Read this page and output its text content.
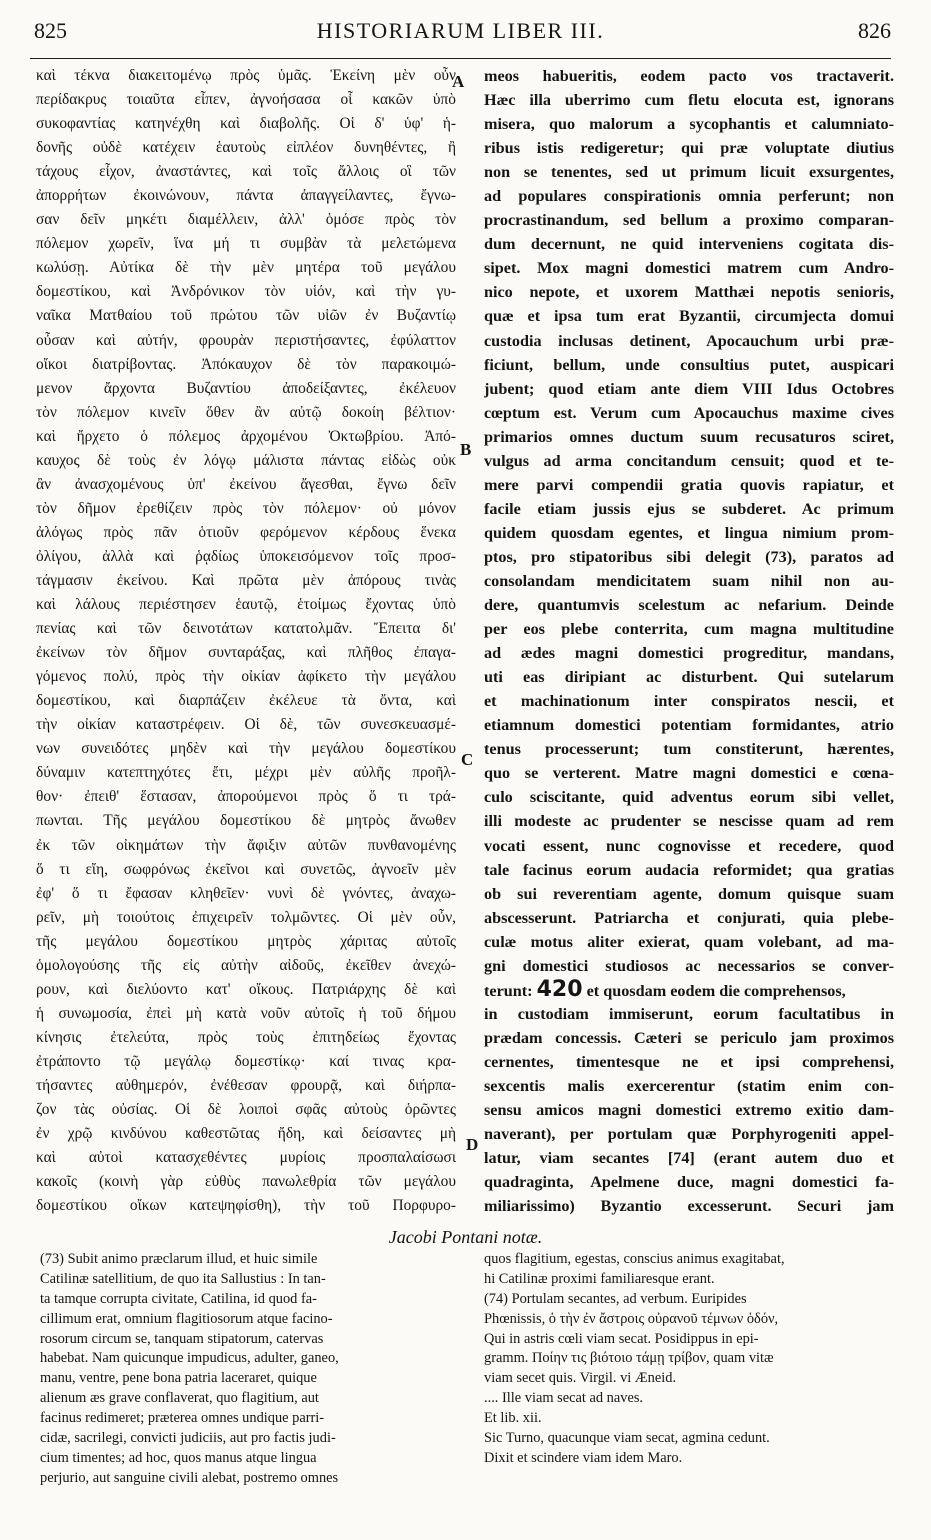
825	HISTORIARUM LIBER III.	826
A
B
C
D
καὶ τέκνα διακειτομένῳ πρὸς ὑμᾶς. Ἐκείνη μὲν οὖν
περίδακρυς τοιαῦτα εἶπεν, ἀγνοήσασα οἷ κακῶν ὑπὸ
συκοφαντίας κατηνέχθη καὶ διαβολῆς. Οἱ δ' ὑφ' ἡ-
δονῆς οὐδὲ κατέχειν ἑαυτοὺς εἰπλέον δυνηθέντες, ἢ
τάχους εἶχον, ἀναστάντες, καὶ τοῖς ἄλλοις οἳ τῶν
ἀπορρήτων ἐκοινώνουν, πάντα ἀπαγγείλαντες, ἔγνω-
σαν δεῖν μηκέτι διαμέλλειν, ἀλλ' ὁμόσε πρὸς τὸν
πόλεμον χωρεῖν, ἵνα μή τι συμβὰν τὰ μελετώμενα
κωλύσῃ. Αὐτίκα δὲ τὴν μὲν μητέρα τοῦ μεγάλου
δομεστίκου, καὶ Ἀνδρόνικον τὸν υἱόν, καὶ τὴν γυ-
ναῖκα Ματθαίου τοῦ πρώτου τῶν υἱῶν ἐν Βυζαντίῳ
οὖσαν καὶ αὐτήν, φρουρὰν περιστήσαντες, ἐφύλαττον
οἴκοι διατρίβοντας. Ἀπόκαυχον δὲ τὸν παρακοιμώ-
μενον ἄρχοντα Βυζαντίου ἀποδείξαντες, ἐκέλευον
τὸν πόλεμον κινεῖν ὅθεν ἂν αὐτῷ δοκοίη βέλτιον·
καὶ ἤρχετο ὁ πόλεμος ἀρχομένου Ὀκτωβρίου. Ἀπό-
καυχος δὲ τοὺς ἐν λόγῳ μάλιστα πάντας εἰδὼς οὐκ
ἂν ἀνασχομένους ὑπ' ἐκείνου ἄγεσθαι, ἔγνω δεῖν
τὸν δῆμον ἐρεθίζειν πρὸς τὸν πόλεμον· οὐ μόνον
ἀλόγως πρὸς πᾶν ὁτιοῦν φερόμενον κέρδους ἕνεκα
ὀλίγου, ἀλλὰ καὶ ῥᾳδίως ὑποκεισόμενον τοῖς προσ-
τάγμασιν ἐκείνου. Καὶ πρῶτα μὲν ἀπόρους τινὰς
καὶ λάλους περιέστησεν ἑαυτῷ, ἑτοίμως ἔχοντας ὑπὸ
πενίας καὶ τῶν δεινοτάτων κατατολμᾶν. Ἔπειτα δι'
ἐκείνων τὸν δῆμον συνταράξας, καὶ πλῆθος ἐπαγα-
γόμενος πολύ, πρὸς τὴν οἰκίαν ἀφίκετο τὴν μεγάλου
δομεστίκου, καὶ διαρπάζειν ἐκέλευε τὰ ὄντα, καὶ
τὴν οἰκίαν καταστρέφειν. Οἱ δὲ, τῶν συνεσκευασμέ-
νων συνειδότες μηδὲν καὶ τὴν μεγάλου δομεστίκου
δύναμιν κατεπτηχότες ἔτι, μέχρι μὲν αὐλῆς προῆλ-
θον· ἐπειθ' ἕστασαν, ἀπορούμενοι πρὸς ὅ τι τρά-
πωνται. Τῆς μεγάλου δομεστίκου δὲ μητρὸς ἄνωθεν
ἐκ τῶν οἰκημάτων τὴν ἄφιξιν αὐτῶν πυνθανομένης
ὅ τι εἴη, σωφρόνως ἐκεῖνοι καὶ συνετῶς, ἀγνοεῖν μὲν
ἐφ' ὅ τι ἔφασαν κληθεῖεν· νυνὶ δὲ γνόντες, ἀναχω-
ρεῖν, μὴ τοιούτοις ἐπιχειρεῖν τολμῶντες. Οἱ μὲν οὖν,
τῆς μεγάλου δομεστίκου μητρὸς χάριτας αὐτοῖς
ὁμολογούσης τῆς εἰς αὐτὴν αἰδοῦς, ἐκεῖθεν ἀνεχώ-
ρουν, καὶ διελύοντο κατ' οἴκους. Πατριάρχης δὲ καὶ
ἡ συνωμοσία, ἐπεὶ μὴ κατὰ νοῦν αὐτοῖς ἡ τοῦ δήμου
κίνησις ἐτελεύτα, πρὸς τοὺς ἐπιτηδείως ἔχοντας
ἐτράποντο τῷ μεγάλῳ δομεστίκῳ· καί τινας κρα-
τήσαντες αὐθημερόν, ἐνέθεσαν φρουρᾷ, καὶ διήρπα-
ζον τὰς οὐσίας. Οἱ δὲ λοιποὶ σφᾶς αὐτοὺς ὁρῶντες
ἐν χρῷ κινδύνου καθεστῶτας ἤδη, καὶ δείσαντες μὴ
καὶ αὐτοὶ κατασχεθέντες μυρίοις προσπαλαίσωσι
κακοῖς (κοινὴ γὰρ εὐθὺς πανωλεθρία τῶν μεγάλου
δομεστίκου οἴκων κατεψηφίσθη), τὴν τοῦ Πορφυρο-
meos habueritis, eodem pacto vos tractaverit.
Hæc illa uberrimo cum fletu elocuta est, ignorans
misera, quo malorum a sycophantis et calumniato-
ribus istis redigeretur; qui præ voluptate diutius
non se tenentes, sed ut primum licuit exsurgentes,
ad populares conspirationis omnia perferunt; non
procrastinandum, sed bellum a proximo comparan-
dum decernunt, ne quid interveniens cogitata dis-
sipet. Mox magni domestici matrem cum Andro-
nico nepote, et uxorem Matthæi nepotis senioris,
quæ et ipsa tum erat Byzantii, circumjecta domui
custodia inclusas detinent, Apocauchum urbi præ-
ficiunt, bellum, unde consultius putet, auspicari
jubent; quod etiam ante diem VIII Idus Octobres
cœptum est. Verum cum Apocauchus maxime cives
primarios omnes ductum suum recusaturos sciret,
vulgus ad arma concitandum censuit; quod et te-
mere parvi compendii gratia quovis rapiatur, et
facile etiam jussis ejus se subderet. Ac primum
quidem quosdam egentes, et lingua nimium prom-
ptos, pro stipatoribus sibi delegit (73), paratos ad
consolandam mendicitatem suam nihil non au-
dere, quantumvis scelestum ac nefarium. Deinde
per eos plebe conterrita, cum magna multitudine
ad ædes magni domestici progreditur, mandans,
uti eas diripiant ac disturbent. Qui sutelarum
et machinationum inter conspiratos nescii, et
etiamnum domestici potentiam formidantes, atrio
tenus processerunt; tum constiterunt, hærentes,
quo se verterent. Matre magni domestici e cœna-
culo sciscitante, quid adventus eorum sibi vellet,
illi modeste ac prudenter se nescisse quam ad rem
vocati essent, nunc cognovisse et recedere, quod
tale facinus eorum audacia reformidet; qua gratias
ob sui reverentiam agente, domum quisque suam
abscesserunt. Patriarcha et conjurati, quia plebe-
culæ motus aliter exierat, quam volebant, ad ma-
gni domestici studiosos ac necessarios se conver-
terunt: 420 et quosdam eodem die comprehensos,
in custodiam immiserunt, eorum facultatibus in
prædam concessis. Cæteri se periculo jam proximos
cernentes, timentesque ne et ipsi comprehensi,
sexcentis malis exercerentur (statim enim con-
sensu amicos magni domestici extremo exitio dam-
naverant), per portulam quæ Porphyrogeniti appel-
latur, viam secantes [74] (erant autem duo et
quadraginta, Apelmene duce, magni domestici fa-
miliarissimo) Byzantio excesserunt. Securi jam
Jacobi Pontani notæ.
(73) Subit animo præclarum illud, et huic simile
Catilinæ satellitium, de quo ita Sallustius : In tan-
ta tamque corrupta civitate, Catilina, id quod fa-
cillimum erat, omnium flagitiosorum atque facino-
rosorum circum se, tanquam stipatorum, catervas
habebat. Nam quicunque impudicus, adulter, ganeo,
manu, ventre, pene bona patria laceraret, quique
alienum æs grave conflaverat, quo flagitium, aut
facinus redimeret; præterea omnes undique parri-
cidæ, sacrilegi, convicti judiciis, aut pro factis judi-
cium timentes; ad hoc, quos manus atque lingua
perjurio, aut sanguine civili alebat, postremo omnes
quos flagitium, egestas, conscius animus exagitabat,
hi Catilinæ proximi familiaresque erant.
(74) Portulam secantes, ad verbum. Euripides
Phœnissis, ὁ τὴν ἐν ἄστροις οὐρανοῦ τέμνων ὁδόν,
Qui in astris cœli viam secat. Posidippus in epi-
gramm. Ποίην τις βιότοιο τάμῃ τρίβον, quam vitæ
viam secet quis. Virgil. vi Æneid.
.... Ille viam secat ad naves.
Et lib. xii.
Sic Turno, quacunque viam secat, agmina cedunt.
Dixit et scindere viam idem Maro.
